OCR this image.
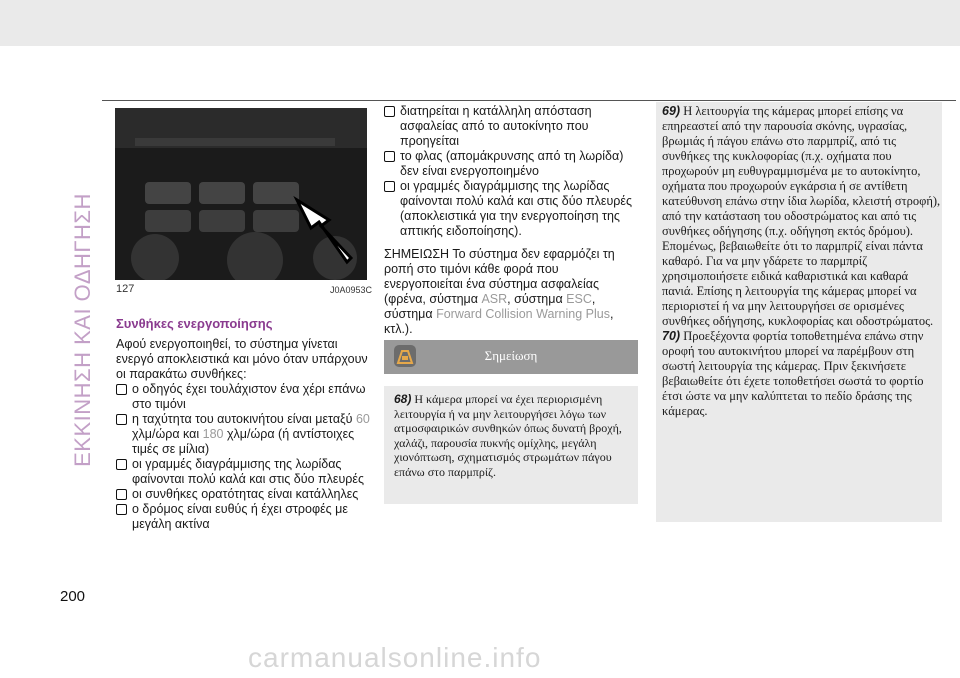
ΕΚΚΙΝΗΣΗ ΚΑΙ ΟΔΗΓΗΣΗ 127	J0A0953C
Συνθήκες ενεργοποίησης

Αφού ενεργοποιηθεί, το σύστημα γίνεται ενεργό αποκλειστικά και μόνο όταν υπάρχουν οι παρακάτω συνθήκες:

ο οδηγός έχει τουλάχιστον ένα χέρι επάνω στο τιμόνι
η ταχύτητα του αυτοκινήτου είναι μεταξύ 60 χλμ/ώρα και 180 χλμ/ώρα (ή αντίστοιχες τιμές σε μίλια)
οι γραμμές διαγράμμισης της λωρίδας φαίνονται πολύ καλά και στις δύο πλευρές
οι συνθήκες ορατότητας είναι κατάλληλες
ο δρόμος είναι ευθύς ή έχει στροφές με μεγάλη ακτίνα
διατηρείται η κατάλληλη απόσταση ασφαλείας από το αυτοκίνητο που προηγείται
το φλας (απομάκρυνσης από τη λωρίδα) δεν είναι ενεργοποιημένο
οι γραμμές διαγράμμισης της λωρίδας φαίνονται πολύ καλά και στις δύο πλευρές (αποκλειστικά για την ενεργοποίηση της απτικής ειδοποίησης).

ΣΗΜΕΙΩΣΗ Το σύστημα δεν εφαρμόζει τη ροπή στο τιμόνι κάθε φορά που ενεργοποιείται ένα σύστημα ασφαλείας (φρένα, σύστημα ASR, σύστημα ESC, σύστημα Forward Collision Warning Plus, κτλ.).

Σημείωση
68) Η κάμερα μπορεί να έχει περιορισμένη λειτουργία ή να μην λειτουργήσει λόγω των ατμοσφαιρικών συνθηκών όπως δυνατή βροχή, χαλάζι, παρουσία πυκνής ομίχλης, μεγάλη χιονόπτωση, σχηματισμός στρωμάτων πάγου επάνω στο παρμπρίζ.

69) Η λειτουργία της κάμερας μπορεί επίσης να επηρεαστεί από την παρουσία σκόνης, υγρασίας, βρωμιάς ή πάγου επάνω στο παρμπρίζ, από τις συνθήκες της κυκλοφορίας (π.χ. οχήματα που προχωρούν μη ευθυγραμμισμένα με το αυτοκίνητο, οχήματα που προχωρούν εγκάρσια ή σε αντίθετη κατεύθυνση επάνω στην ίδια λωρίδα, κλειστή στροφή), από την κατάσταση του οδοστρώματος και από τις συνθήκες οδήγησης (π.χ. οδήγηση εκτός δρόμου). Επομένως, βεβαιωθείτε ότι το παρμπρίζ είναι πάντα καθαρό. Για να μην γδάρετε το παρμπρίζ χρησιμοποιήσετε ειδικά καθαριστικά και καθαρά πανιά. Επίσης η λειτουργία της κάμερας μπορεί να περιοριστεί ή να μην λειτουργήσει σε ορισμένες συνθήκες οδήγησης, κυκλοφορίας και οδοστρώματος.

70) Προεξέχοντα φορτία τοποθετημένα επάνω στην οροφή του αυτοκινήτου μπορεί να παρέμβουν στη σωστή λειτουργία της κάμερας. Πριν ξεκινήσετε βεβαιωθείτε ότι έχετε τοποθετήσει σωστά το φορτίο έτσι ώστε να μην καλύπτεται το πεδίο δράσης της κάμερας.

200
carmanualsonline.info
